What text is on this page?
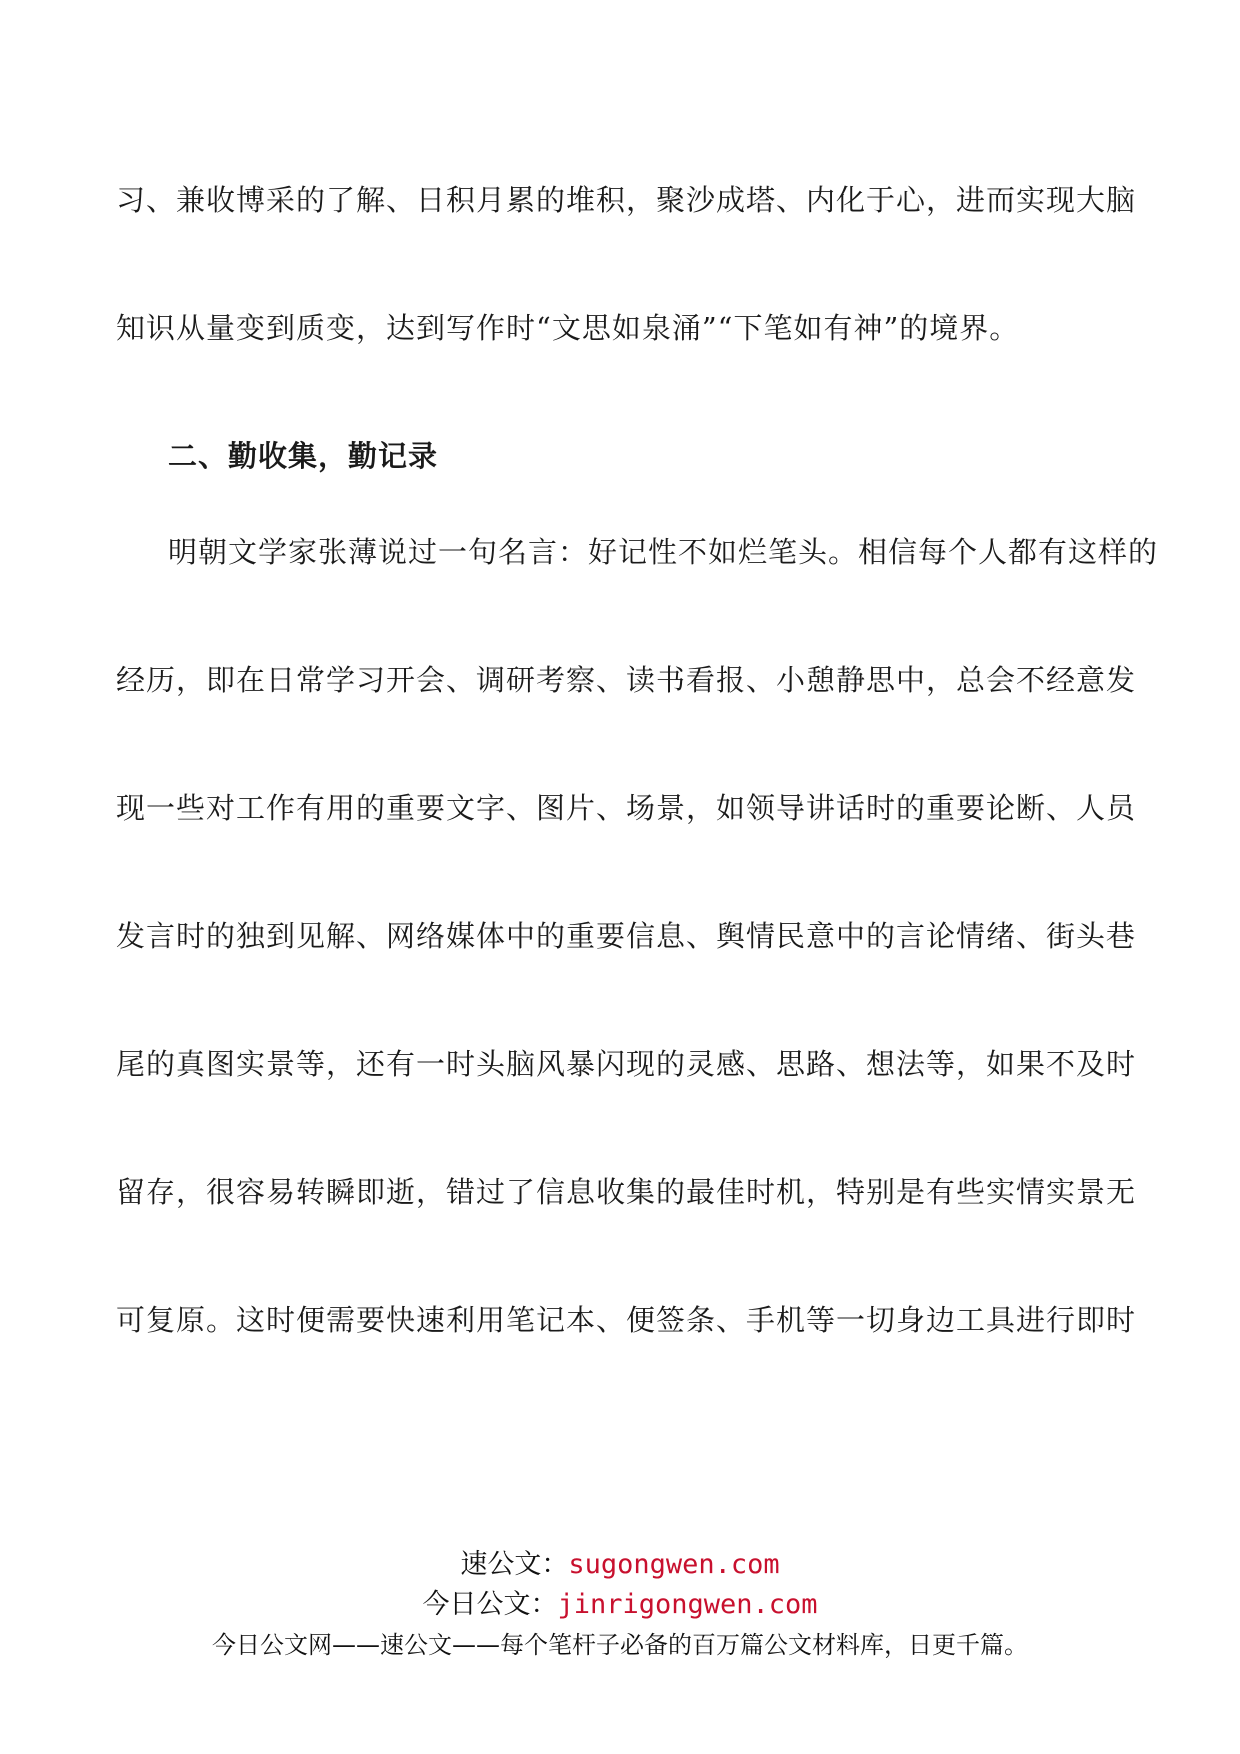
习、兼收博采的了解、日积月累的堆积，聚沙成塔、内化于心，进而实现大脑
知识从量变到质变，达到写作时“文思如泉涌”“下笔如有神”的境界。
二、勤收集，勤记录
明朝文学家张薄说过一句名言：好记性不如烂笔头。相信每个人都有这样的
经历，即在日常学习开会、调研考察、读书看报、小憩静思中，总会不经意发
现一些对工作有用的重要文字、图片、场景，如领导讲话时的重要论断、人员
发言时的独到见解、网络媒体中的重要信息、舆情民意中的言论情绪、街头巷
尾的真图实景等，还有一时头脑风暴闪现的灵感、思路、想法等，如果不及时
留存，很容易转瞬即逝，错过了信息收集的最佳时机，特别是有些实情实景无
可复原。这时便需要快速利用笔记本、便签条、手机等一切身边工具进行即时
速公文：sugongwen.com
今日公文：jinrigongwen.com
今日公文网——速公文——每个笔杆子必备的百万篇公文材料库，日更千篇。
